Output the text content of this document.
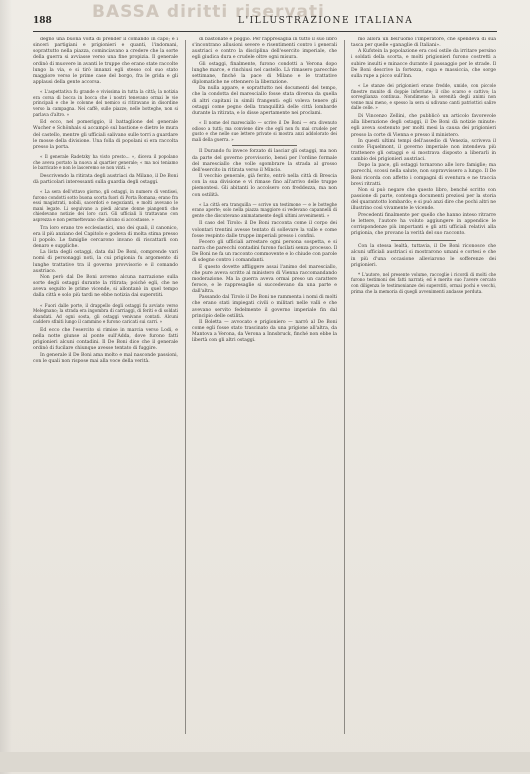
BASSA diritti riservati
188	L'ILLUSTRAZIONE ITALIANA

degno una buona volta di prender il comando in capo; e i sinceri partigiani e prigionieri e quanti, l'indomani, soprattutto nella piazza, cominciavano a credere che la sorte della guerra si avviasse verso una fine propizia. Il generale ordinò di muovere in avanti le truppe che erano state raccolte lungo la via, e si tirò innanzi egli stesso col suo stato maggiore verso le prime case del borgo, fra le grida e gli applausi della gente accorsa.

« L'aspettativa fu grande e vivissima in tutta la città; la notizia era corsa di bocca in bocca che i nostri tenevano ormai le vie principali e che le colonne del nemico si ritiravano in disordine verso la campagna. Nei caffè, sulle piazze, nelle botteghe, non si parlava d'altro. »

Ed ecco, nel pomeriggio, il battaglione del generale Wucher e Schönhals si accampò sul bastione e dietro le mura del castello, mentre gli ufficiali salivano sulle torri a guardare le mosse della divisione. Una folla di popolani si era raccolta presso la porta.

« Il generale Radetzky ha visto presto... », diceva il popolano che aveva portato la nuova al quartier generale; « ma noi teniamo le barricate e non le lasceremo se non vinti. »

Descrivendo la ritirata degli austriaci da Milano, il De Boni dà particolari interessanti sulla guardia degli ostaggi.

« La sera dell'ottavo giorno, gli ostaggi, in numero di ventisei, furono condotti sotto buona scorta fuori di Porta Romana; erano fra essi magistrati, nobili, sacerdoti e negozianti, e molti avevano le mani legate. Li seguivano a piedi alcune donne piangenti che chiedevano notizie dei loro cari. Gli ufficiali li trattavano con asprezza e non permettevano che alcuno si accostasse. »

Tra loro erano tre ecclesiastici, uno dei quali, il canonico, era il più anziano del Capitolo e godeva di molta stima presso il popolo. Le famiglie cercarono invano di riscattarli con denaro e suppliche.

La lista degli ostaggi, data dal De Boni, comprende vari nomi di personaggi noti, la cui prigionia fu argomento di lunghe trattative tra il governo provvisorio e il comando austriaco.

Non però dal De Boni avremo alcuna narrazione sulla sorte degli ostaggi durante la ritirata; poiché egli, che ne aveva seguito le prime vicende, si allontanò in quel tempo dalla città e solo più tardi ne ebbe notizia dai superstiti.

« Fuori dalle porte, il drappello degli ostaggi fu avviato verso Melegnano; la strada era ingombra di carriaggi, di feriti e di soldati sbandati. Ad ogni sosta, gli ostaggi venivano contati. Alcuni caddero sfiniti lungo il cammino e furono caricati sui carri. »

Ed ecco che l'esercito si rimise in marcia verso Lodi, e nella notte giunse al ponte sull'Adda, dove furono fatti prigionieri alcuni contadini. Il De Boni dice che il generale ordinò di fucilare chiunque avesse tentato di fuggire.

In generale il De Boni ama molto e mal nasconde passioni, con le quali non rispose mai alla voce della verità.

di bastonate e poggio. Per rappresaglia in tutto il suo libro s'incontrano allusioni severe e risentimenti contro i generali austriaci e contro la disciplina dell'esercito imperiale, che egli giudica dura e crudele oltre ogni misura.

Gli ostaggi, finalmente, furono condotti a Verona dopo lunghe marce, e rinchiusi nel castello. Là rimasero parecchie settimane, finché la pace di Milano e le trattative diplomatiche ne ottennero la liberazione.

Da nulla appare, e soprattutto nei documenti del tempo, che la condotta del maresciallo fosse stata diversa da quella di altri capitani in simili frangenti: egli voleva tenere gli ostaggi come pegno della tranquillità delle città lombarde durante la ritirata, e lo disse apertamente nei proclami.

« Il nome del maresciallo — scrive il De Boni — era divenuto odioso a tutti; ma conviene dire che egli non fu mai crudele per gusto e che nelle sue lettere private si mostra anzi addolorato dei mali della guerra. »

Il Durando fu invece forzato di lasciar gli ostaggi, ma non da parte del governo provvisorio, bensì per l'ordine formale del maresciallo che volle sgombrare la strada al grosso dell'esercito in ritirata verso il Mincio.

Il vecchio generale, già ferito, entrò nella città di Brescia con la sua divisione e vi rimase fino all'arrivo delle truppe piemontesi. Gli abitanti lo accolsero con freddezza, ma non con ostilità.

« La città era tranquilla — scrive un testimone — e le botteghe erano aperte; solo nella piazza maggiore si vedevano capannelli di gente che discutevano animatamente degli ultimi avvenimenti. »

Il caso del Tirolo: il De Boni racconta come il corpo dei volontari trentini avesse tentato di sollevare la valle e come fosse respinto dalle truppe imperiali presso i confini.

Fecero gli ufficiali arrestare ogni persona sospetta, e si narra che parecchi contadini furono fucilati senza processo. Il De Boni ne fa un racconto commovente e lo chiude con parole di sdegno contro i comandanti.

E questo dovette affliggere assai l'animo del maresciallo, che pure aveva scritto al ministero di Vienna raccomandando moderazione. Ma la guerra aveva ormai preso un carattere feroce, e le rappresaglie si succedevano da una parte e dall'altra.

Passando dal Tirolo il De Boni ne rammenta i nomi di molti che erano stati impiegati civili o militari nelle valli e che avevano servito fedelmente il governo imperiale fin dal principio delle ostilità.

Il Boletta — avvocato e prigioniero — narrò al De Boni come egli fosse stato trascinato da una prigione all'altra, da Mantova a Verona, da Verona a Innsbruck, finché non ebbe la libertà con gli altri ostaggi.

mo allora un bell'uomo l'imperatore, che spendeva di sua tasca per quelle «ganaglie di Italiani».

A Kufstein la popolazione era così ostile da irritare persino i soldati della scorta, e molti prigionieri furono costretti a subire insulti e minacce durante il passaggio per le strade. Il De Boni descrive la fortezza, cupa e massiccia, che sorge sulla rupe a picco sull'Inn.

« Le stanze dei prigionieri erano fredde, umide, con piccole finestre munite di doppie inferriate; il cibo scarso e cattivo; la sorveglianza continua. Nondimeno la serenità degli animi non venne mai meno, e spesso la sera si udivano canti patriottici salire dalle celle. »

Di Vincenzo Zellini, che pubblicò un articolo favorevole alla liberazione degli ostaggi, il De Boni dà notizie minute: egli aveva sostenuto per molti mesi la causa dei prigionieri presso la corte di Vienna e presso il ministero.

In questi ultimi tempi dell'assedio di Venezia, scriveva il conte Fiquelmont, il governo imperiale non intendeva più trattenere gli ostaggi e si mostrava disposto a liberarli in cambio dei prigionieri austriaci.

Dopo la pace, gli ostaggi tornarono alle loro famiglie; ma parecchi, scossi nella salute, non sopravvissero a lungo. Il De Boni ricorda con affetto i compagni di sventura e ne traccia brevi ritratti.

Non si può negare che questo libro, benché scritto con passione di parte, contenga documenti preziosi per la storia del quarantotto lombardo; e si può anzi dire che pochi altri ne illustrino così vivamente le vicende.

Precedenti finalmente per quello che hanno inteso ritrarre le lettere, l'autore ha voluto aggiungere in appendice le corrispondenze più importanti e gli atti ufficiali relativi alla prigionia, che provano la verità del suo racconto.

Con la stessa lealtà, tuttavia, il De Boni riconosce che alcuni ufficiali austriaci si mostrarono umani e cortesi e che in più d'una occasione alleviarono le sofferenze dei prigionieri.

* L'autore, nel presente volume, raccoglie i ricordi di molti che furono testimoni dei fatti narrati; ed è merito suo l'avere cercato con diligenza le testimonianze dei superstiti, ormai pochi e vecchi, prima che la memoria di quegli avvenimenti andasse perduta.
